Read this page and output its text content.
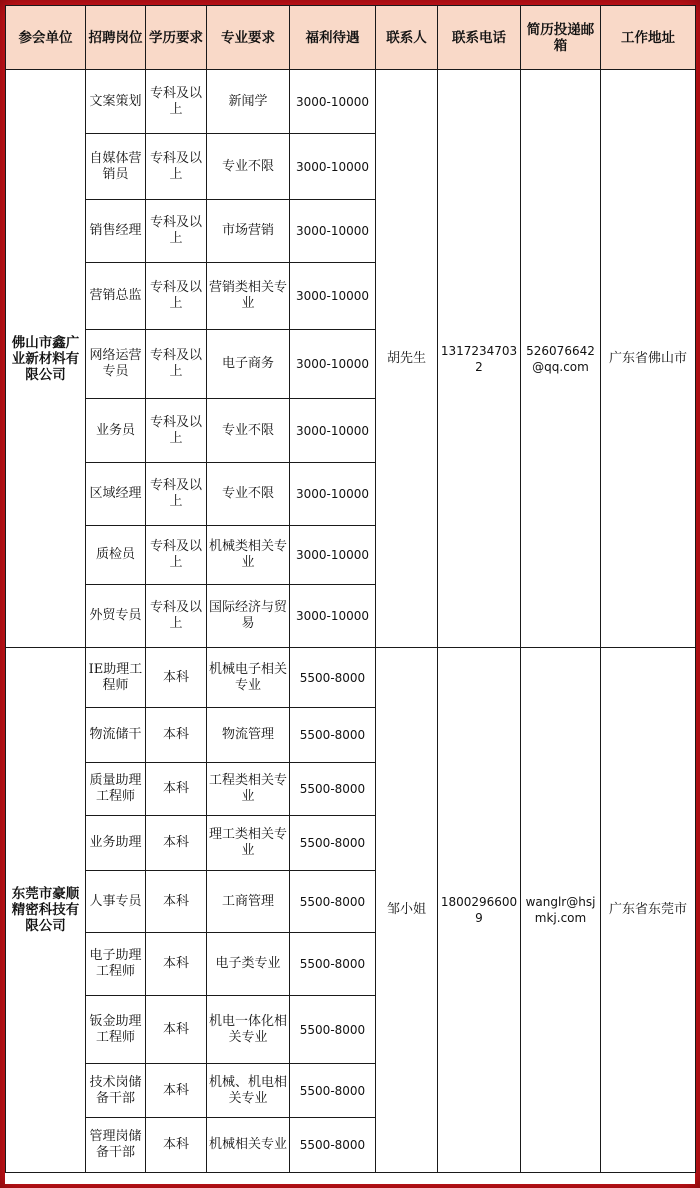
参会单位	招聘岗位	学历要求	专业要求	福利待遇	联系人	联系电话	简历投递邮箱	工作地址
佛山市鑫广业新材料有限公司	文案策划	专科及以上	新闻学	3000-10000	胡先生	13172347032	526076642@qq.com	广东省佛山市
	自媒体营销员	专科及以上	专业不限	3000-10000				
	销售经理	专科及以上	市场营销	3000-10000				
	营销总监	专科及以上	营销类相关专业	3000-10000				
	网络运营专员	专科及以上	电子商务	3000-10000				
	业务员	专科及以上	专业不限	3000-10000				
	区域经理	专科及以上	专业不限	3000-10000				
	质检员	专科及以上	机械类相关专业	3000-10000				
	外贸专员	专科及以上	国际经济与贸易	3000-10000				
东莞市豪顺精密科技有限公司	IE助理工程师	本科	机械电子相关专业	5500-8000	邹小姐	18002966009	wanglr@hsjmkj.com	广东省东莞市
	物流储干	本科	物流管理	5500-8000				
	质量助理工程师	本科	工程类相关专业	5500-8000				
	业务助理	本科	理工类相关专业	5500-8000				
	人事专员	本科	工商管理	5500-8000				
	电子助理工程师	本科	电子类专业	5500-8000				
	钣金助理工程师	本科	机电一体化相关专业	5500-8000				
	技术岗储备干部	本科	机械、机电相关专业	5500-8000				
	管理岗储备干部	本科	机械相关专业	5500-8000				
